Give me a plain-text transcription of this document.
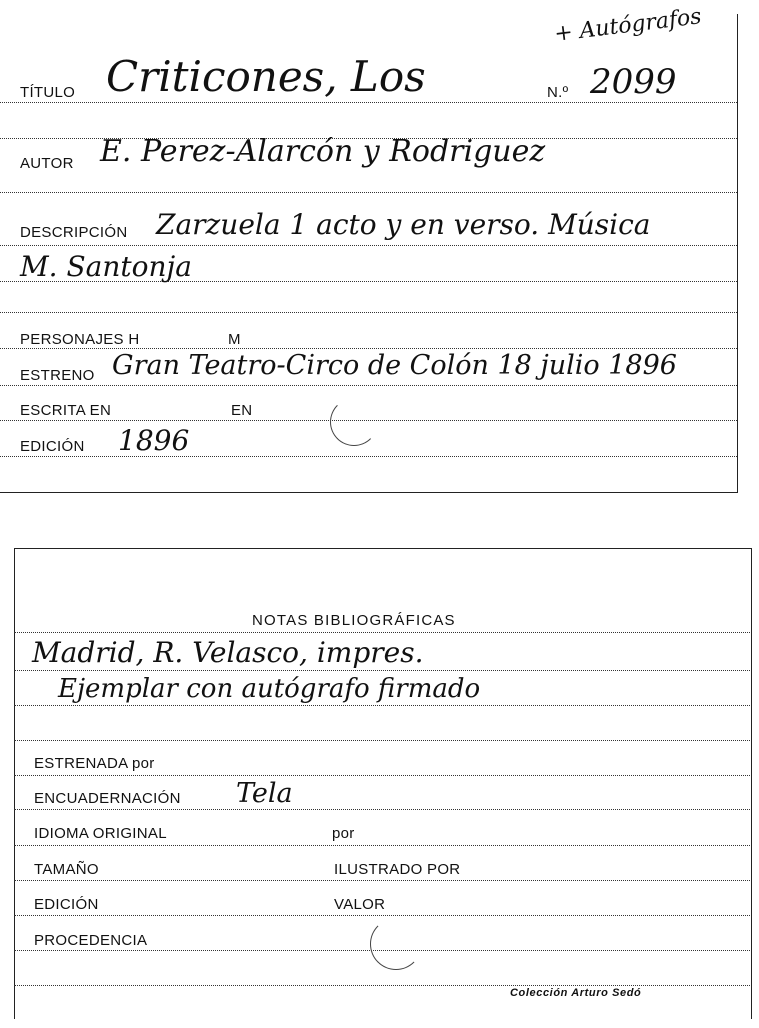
+ Autógrafos
TÍTULO Criticones, Los	N.º 2099
AUTOR E. Perez-Alarcón y Rodriguez
DESCRIPCIÓN Zarzuela 1 acto y en verso. Música
M. Santonja
PERSONAJES H	M
ESTRENO Gran Teatro-Circo de Colón 18 julio 1896
ESCRITA EN	EN
EDICIÓN 1896
NOTAS BIBLIOGRÁFICAS
Madrid, R. Velasco, impres.
Ejemplar con autógrafo firmado
ESTRENADA por
ENCUADERNACIÓN Tela
IDIOMA ORIGINAL	por
TAMAÑO	ILUSTRADO POR
EDICIÓN	VALOR
PROCEDENCIA
Colección Arturo Sedó
